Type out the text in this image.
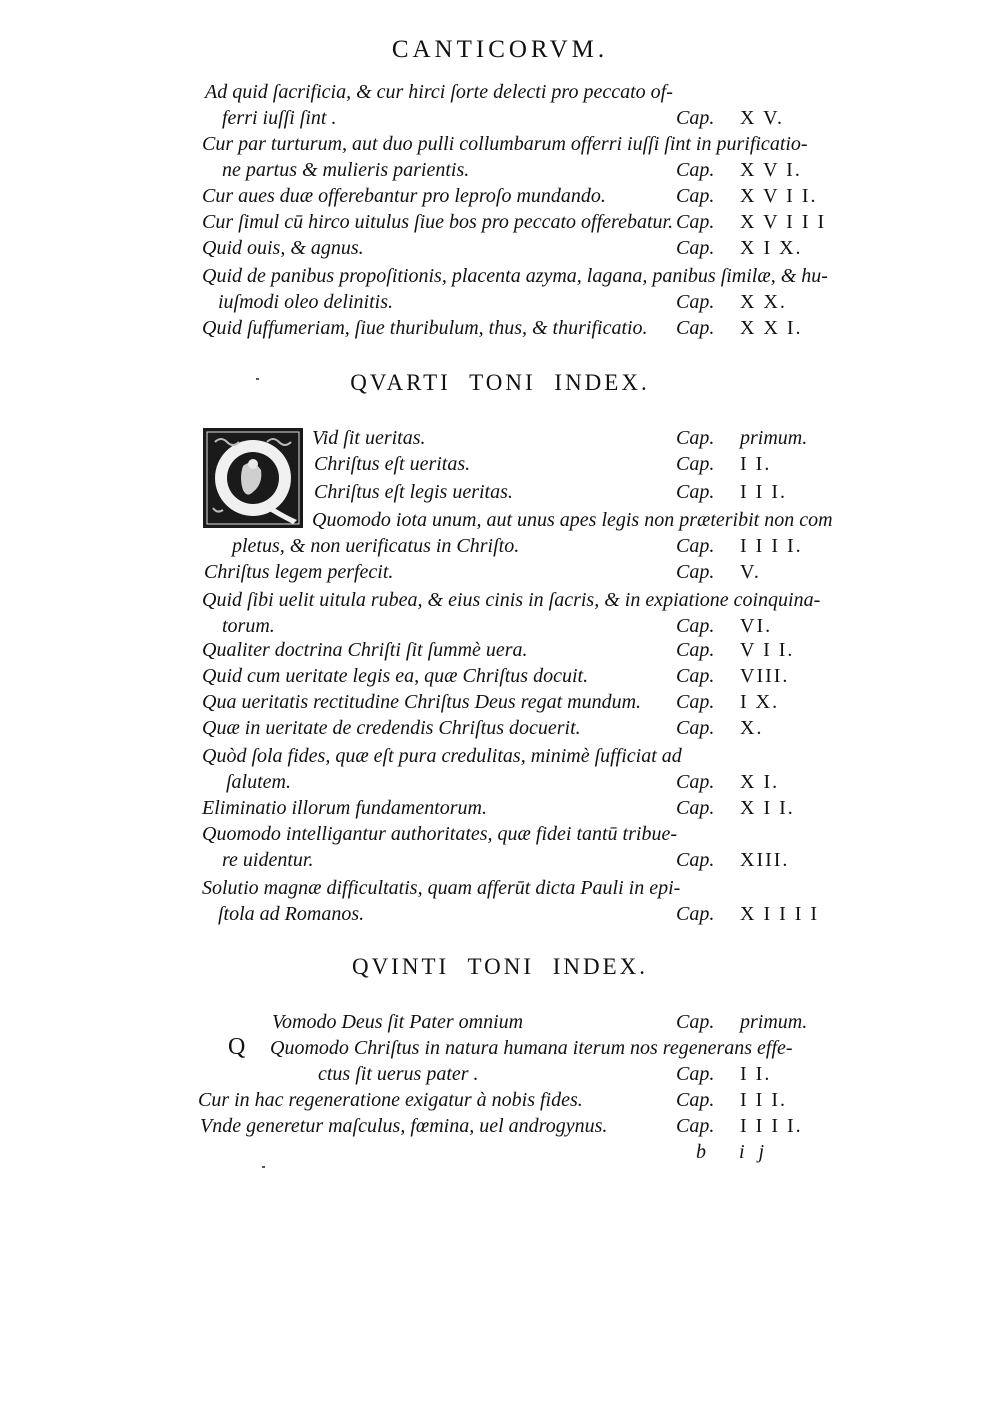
CANTICORVM.
Ad quid ſacrificia, & cur hirci ſorte delecti pro peccato of-
ferri iuſſi ſint .	Cap. X V.
Cur par turturum, aut duo pulli collumbarum offerri iuſſi ſint in purificatio-
ne partus & mulieris parientis.	Cap. X V I.
Cur aues duæ offerebantur pro leproſo mundando.	Cap. X V I I.
Cur ſimul cū hirco uitulus ſiue bos pro peccato offerebatur. Cap. X V I I I
Quid ouis, & agnus.	Cap. X I X.
Quid de panibus propoſitionis, placenta azyma, lagana, panibus ſimilæ, & hu-
iuſmodi oleo delinitis.	Cap. X X.
Quid ſuffumeriam, ſiue thuribulum, thus, & thurificatio. Cap. X X I.
QVARTI TONI INDEX.
Vid ſit ueritas.	Cap. primum.
Chriſtus eſt ueritas.	Cap. I I.
Chriſtus eſt legis ueritas.	Cap. I I I.
Quomodo iota unum, aut unus apes legis non præteribit non com
pletus, & non uerificatus in Chriſto.	Cap. I I I I.
Chriſtus legem perfecit.	Cap. V.
Quid ſibi uelit uitula rubea, & eius cinis in ſacris, & in expiatione coinquina-
torum.	Cap. VI.
Qualiter doctrina Chriſti ſit ſummè uera.	Cap. V I I.
Quid cum ueritate legis ea, quæ Chriſtus docuit.	Cap. VIII.
Qua ueritatis rectitudine Chriſtus Deus regat mundum. Cap. I X.
Quæ in ueritate de credendis Chriſtus docuerit.	Cap. X.
Quòd ſola fides, quæ eſt pura credulitas, minimè ſufficiat ad
ſalutem.	Cap. X I.
Eliminatio illorum fundamentorum.	Cap. X I I.
Quomodo intelligantur authoritates, quæ fidei tantū tribue-
re uidentur.	Cap. XIII.
Solutio magnæ difficultatis, quam afferūt dicta Pauli in epi-
ſtola ad Romanos.	Cap. X I I I I
QVINTI TONI INDEX.
Q
Vomodo Deus ſit Pater omnium	Cap. primum.
Quomodo Chriſtus in natura humana iterum nos regenerans effe-
ctus ſit uerus pater .	Cap. I I.
Cur in hac regeneratione exigatur à nobis fides.	Cap. I I I.
Vnde generetur maſculus, fœmina, uel androgynus.	Cap. I I I I.
b ij
